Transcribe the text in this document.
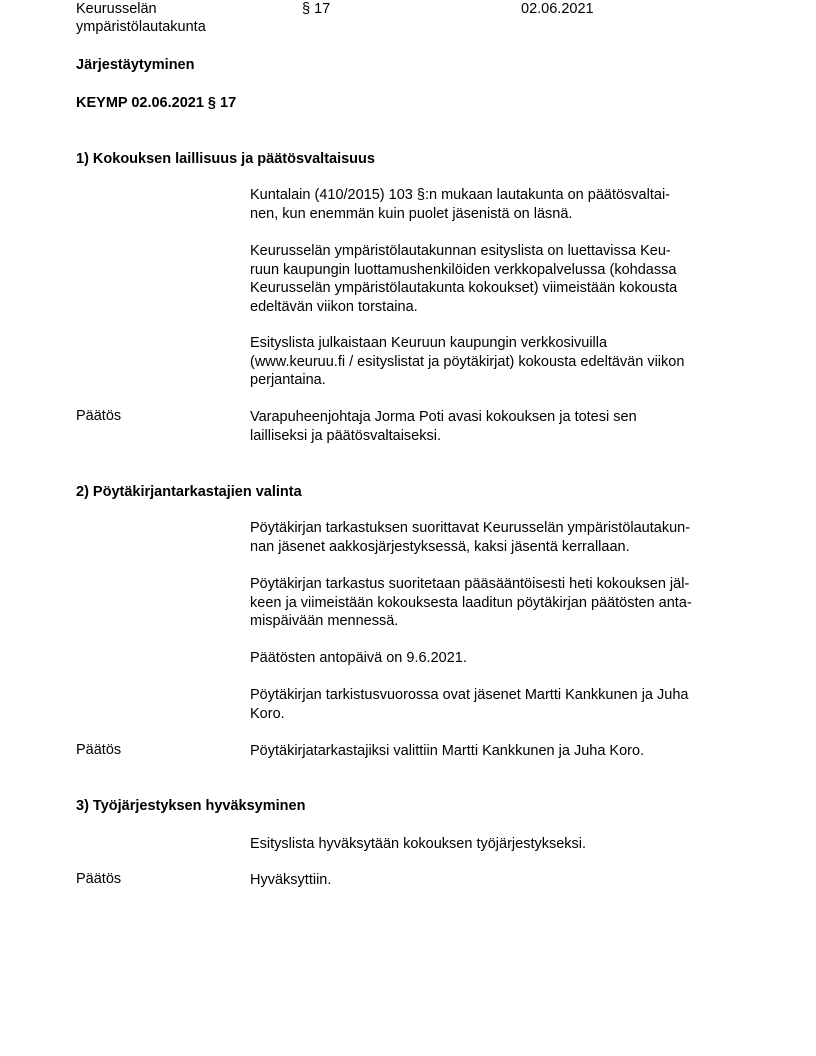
Keurusselän
ympäristölautakunta
§ 17	02.06.2021
Järjestäytyminen
KEYMP 02.06.2021 § 17
1) Kokouksen laillisuus ja päätösvaltaisuus
Kuntalain (410/2015) 103 §:n mukaan lautakunta on päätösvaltai-
nen, kun enemmän kuin puolet jäsenistä on läsnä.
Keurusselän ympäristölautakunnan esityslista on luettavissa Keu-
ruun kaupungin luottamushenkilöiden verkkopalvelussa (kohdassa
Keurusselän ympäristölautakunta kokoukset) viimeistään kokousta
edeltävän viikon torstaina.
Esityslista julkaistaan Keuruun kaupungin verkkosivuilla
(www.keuruu.fi / esityslistat ja pöytäkirjat) kokousta edeltävän viikon
perjantaina.
Päätös	Varapuheenjohtaja Jorma Poti avasi kokouksen ja totesi sen
lailliseksi ja päätösvaltaiseksi.
2) Pöytäkirjantarkastajien valinta
Pöytäkirjan tarkastuksen suorittavat Keurusselän ympäristölautakun-
nan jäsenet aakkosjärjestyksessä, kaksi jäsentä kerrallaan.
Pöytäkirjan tarkastus suoritetaan pääsääntöisesti heti kokouksen jäl-
keen ja viimeistään kokouksesta laaditun pöytäkirjan päätösten anta-
mispäivään mennessä.
Päätösten antopäivä on 9.6.2021.
Pöytäkirjan tarkistusvuorossa ovat jäsenet Martti Kankkunen ja Juha
Koro.
Päätös	Pöytäkirjatarkastajiksi valittiin Martti Kankkunen ja Juha Koro.
3) Työjärjestyksen hyväksyminen
Esityslista hyväksytään kokouksen työjärjestykseksi.
Päätös	Hyväksyttiin.
